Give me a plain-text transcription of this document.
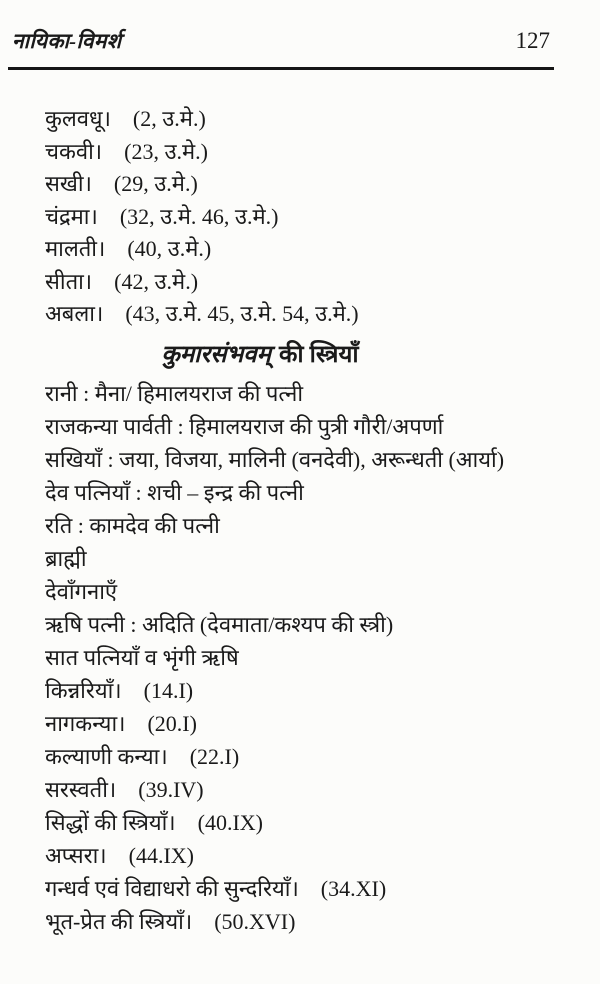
नायिका-विमर्श	127
कुलवधू। (2, उ.मे.)
चकवी। (23, उ.मे.)
सखी। (29, उ.मे.)
चंद्रमा। (32, उ.मे. 46, उ.मे.)
मालती। (40, उ.मे.)
सीता। (42, उ.मे.)
अबला। (43, उ.मे. 45, उ.मे. 54, उ.मे.)
कुमारसंभवम् की स्त्रियाँ
रानी : मैना/ हिमालयराज की पत्नी
राजकन्या पार्वती : हिमालयराज की पुत्री गौरी/अपर्णा
सखियाँ : जया, विजया, मालिनी (वनदेवी), अरून्धती (आर्या)
देव पत्नियाँ : शची – इन्द्र की पत्नी
रति : कामदेव की पत्नी
ब्राह्मी
देवाँगनाएँ
ऋषि पत्नी : अदिति (देवमाता/कश्यप की स्त्री)
सात पत्नियाँ व भृंगी ऋषि
किन्नरियाँ। (14.I)
नागकन्या। (20.I)
कल्याणी कन्या। (22.I)
सरस्वती। (39.IV)
सिद्धों की स्त्रियाँ। (40.IX)
अप्सरा। (44.IX)
गन्धर्व एवं विद्याधरो की सुन्दरियाँ। (34.XI)
भूत-प्रेत की स्त्रियाँ। (50.XVI)
